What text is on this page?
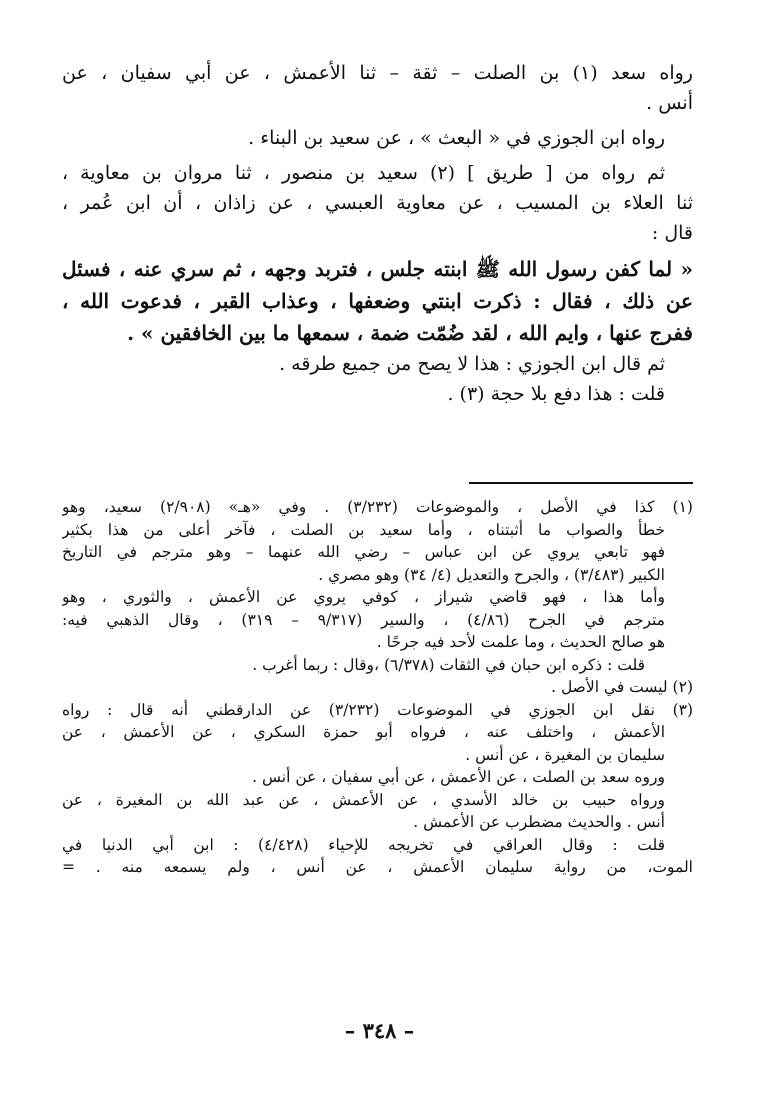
رواه سعد (١) بن الصلت – ثقة – ثنا الأعمش ، عن أبي سفيان ، عن
أنس .
رواه ابن الجوزي في « البعث » ، عن سعيد بن البناء .
ثم رواه من [ طريق ] (٢) سعيد بن منصور ، ثنا مروان بن معاوية ،
ثنا العلاء بن المسيب ، عن معاوية العبسي ، عن زاذان ، أن ابن عُمر ،
قال :
« لما كفن رسول الله ﷺ ابنته جلس ، فتربد وجهه ، ثم سري عنه ، فسئل
عن ذلك ، فقال : ذكرت ابنتي وضعفها ، وعذاب القبر ، فدعوت الله ،
ففرج عنها ، وايم الله ، لقد ضُمّت ضمة ، سمعها ما بين الخافقين » .
ثم قال ابن الجوزي : هذا لا يصح من جميع طرقه .
قلت : هذا دفع بلا حجة (٣) .
(١) كذا في الأصل ، والموضوعات (٣/٢٣٢) . وفي «هـ» (٢/٩٠٨) سعيد، وهو
خطأ والصواب ما أثبتناه ، وأما سعيد بن الصلت ، فآخر أعلى من هذا بكثير
فهو تابعي يروي عن ابن عباس – رضي الله عنهما – وهو مترجم في التاريخ
الكبير (٣/٤٨٣) ، والجرح والتعديل (٤/ ٣٤) وهو مصري .
وأما هذا ، فهو قاضي شيراز ، كوفي يروي عن الأعمش ، والثوري ، وهو
مترجم في الجرح (٤/٨٦) ، والسير (٩/٣١٧ – ٣١٩) ، وقال الذهبي فيه:
هو صالح الحديث ، وما علمت لأحد فيه جرحًا .
قلت : ذكره ابن حبان في الثقات (٦/٣٧٨) ،وقال : ربما أغرب .
(٢) ليست في الأصل .
(٣) نقل ابن الجوزي في الموضوعات (٣/٢٣٢) عن الدارقطني أنه قال : رواه
الأعمش ، واختلف عنه ، فرواه أبو حمزة السكري ، عن الأعمش ، عن
سليمان بن المغيرة ، عن أنس .
وروه سعد بن الصلت ، عن الأعمش ، عن أبي سفيان ، عن أنس .
ورواه حبيب بن خالد الأسدي ، عن الأعمش ، عن عبد الله بن المغيرة ، عن
أنس . والحديث مضطرب عن الأعمش .
قلت : وقال العراقي في تخريجه للإحياء (٤/٤٢٨) : ابن أبي الدنيا في
الموت، من رواية سليمان الأعمش ، عن أنس ، ولم يسمعه منه . =
– ٣٤٨ –
